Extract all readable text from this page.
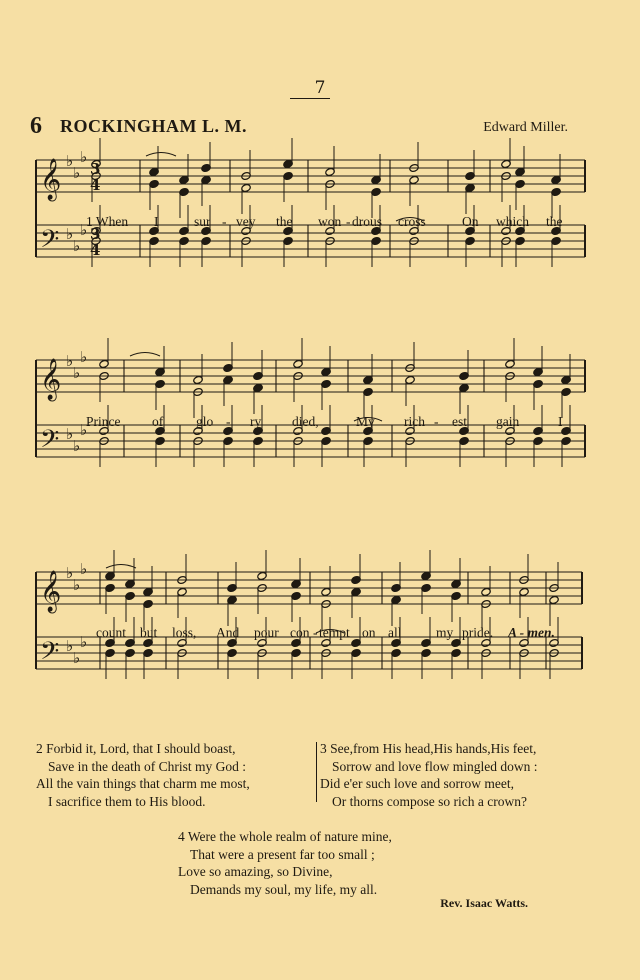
7
6 ROCKINGHAM L. M.	Edward Miller.
𝄞
𝄢
♭
♭
♭
♭
♭
♭
3
3
4
4
𝄞
𝄢
♭
♭
♭
♭
♭
♭
𝄞
𝄢
♭
♭
♭
♭
♭
♭
1 When I	sur - vey the won - drous cross	On which the
Prince of glo - ry died,	My rich - est gain	I
count but loss, And pour con - tempt on all	my pride. A - men.
2 Forbid it, Lord, that I should boast,
Save in the death of Christ my God :
All the vain things that charm me most,
I sacrifice them to His blood.
3 See,from His head,His hands,His feet,
Sorrow and love flow mingled down :
Did e'er such love and sorrow meet,
Or thorns compose so rich a crown?
4 Were the whole realm of nature mine,
That were a present far too small ;
Love so amazing, so Divine,
Demands my soul, my life, my all.
Rev. Isaac Watts.
